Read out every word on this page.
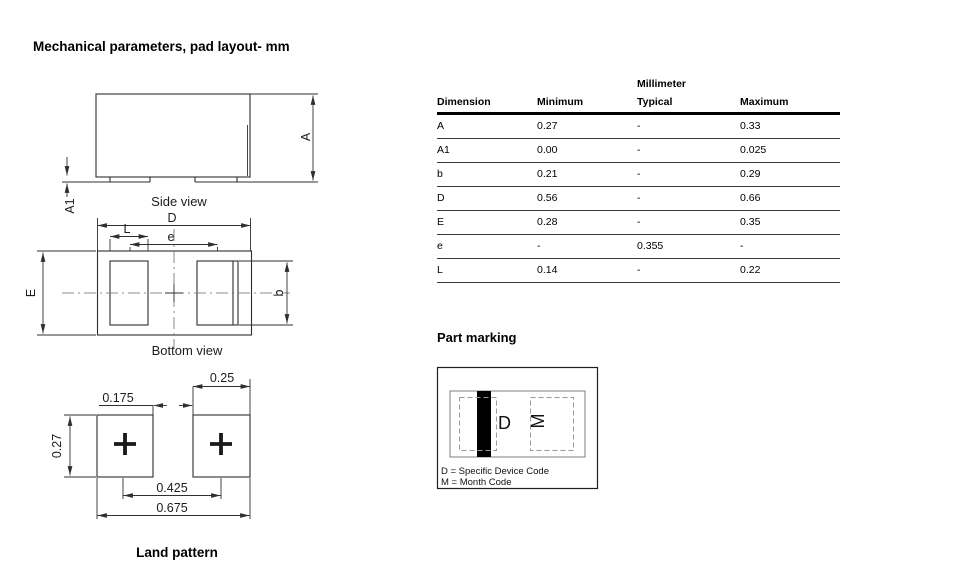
Mechanical parameters, pad layout- mm
A
A1	Side view
D
L
e
E	b
Bottom view
0.25
0.175
0.27
0.425
0.675
Land pattern
Millimeter
Dimension	Minimum	Typical	Maximum
A	0.27	-	0.33
A1	0.00	-	0.025
b	0.21	-	0.29
D	0.56	-	0.66
E	0.28	-	0.35
e	-	0.355	-
L	0.14	-	0.22
Part marking
D M
D = Specific Device Code
M = Month Code
